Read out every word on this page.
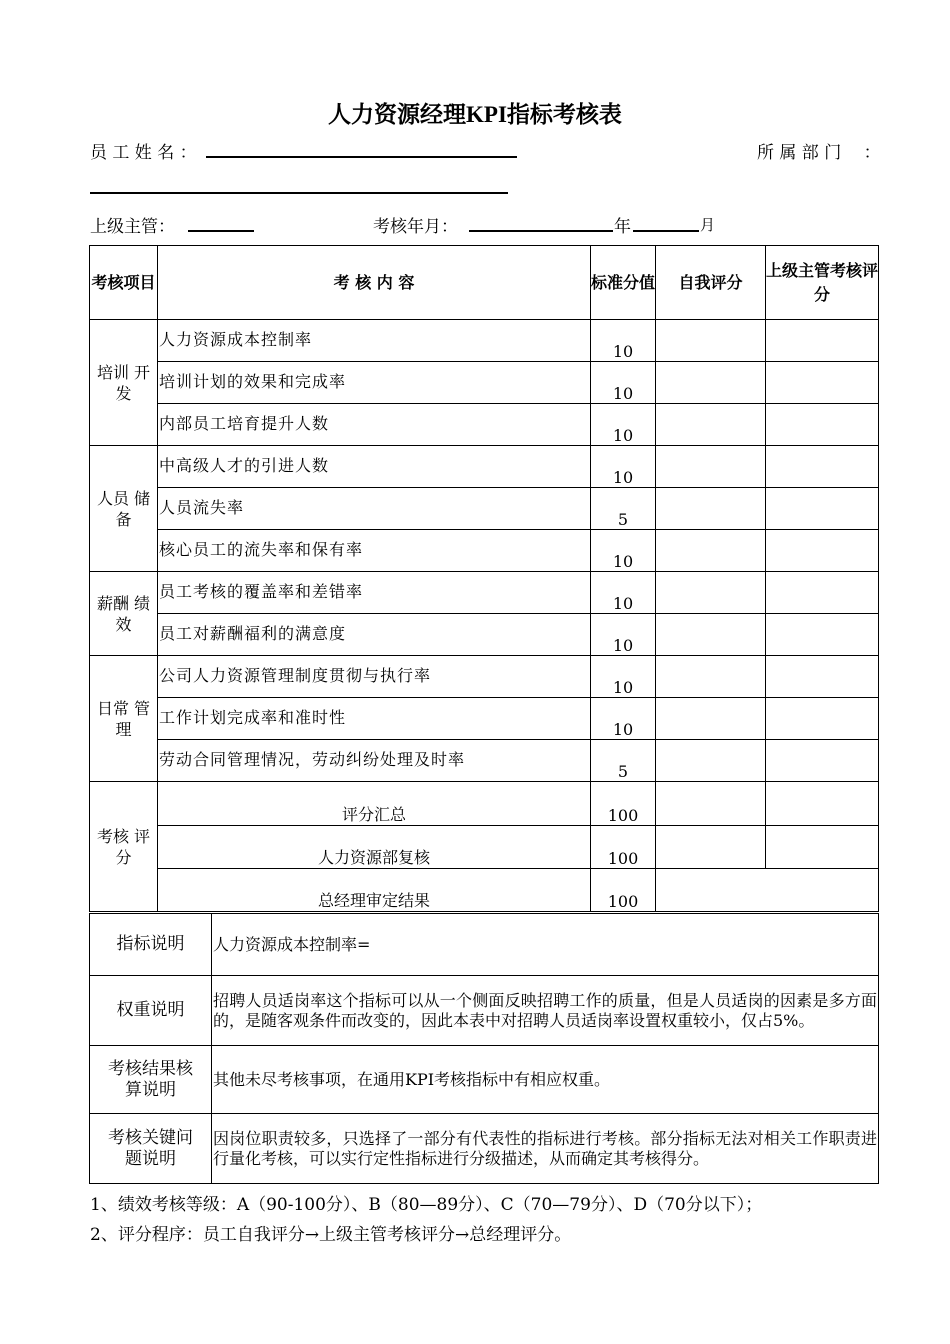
人力资源经理KPI指标考核表
员 工 姓 名 ：	所 属 部 门　 ：
上级主管：	考核年月：	年	月
考核项目	考 核 内 容	标准分值	自我评分	上级主管考核评分
培训 开发	人力资源成本控制率	10		
	培训计划的效果和完成率	10		
	内部员工培育提升人数	10		
人员 储备	中高级人才的引进人数	10		
	人员流失率	5		
	核心员工的流失率和保有率	10		
薪酬 绩效	员工考核的覆盖率和差错率	10		
	员工对薪酬福利的满意度	10		
日常 管理	公司人力资源管理制度贯彻与执行率	10		
	工作计划完成率和准时性	10		
	劳动合同管理情况，劳动纠纷处理及时率	5		
考核 评分	评分汇总	100		
	人力资源部复核	100		
	总经理审定结果	100		
指标说明	人力资源成本控制率=
权重说明	招聘人员适岗率这个指标可以从一个侧面反映招聘工作的质量，但是人员适岗的因素是多方面的，是随客观条件而改变的，因此本表中对招聘人员适岗率设置权重较小，仅占5%。
考核结果核算说明	其他未尽考核事项，在通用KPI考核指标中有相应权重。
考核关键问题说明	因岗位职责较多，只选择了一部分有代表性的指标进行考核。部分指标无法对相关工作职责进行量化考核，可以实行定性指标进行分级描述，从而确定其考核得分。
1、绩效考核等级：A（90-100分）、B（80—89分）、C（70—79分）、D（70分以下）；
2、评分程序：员工自我评分→上级主管考核评分→总经理评分。
